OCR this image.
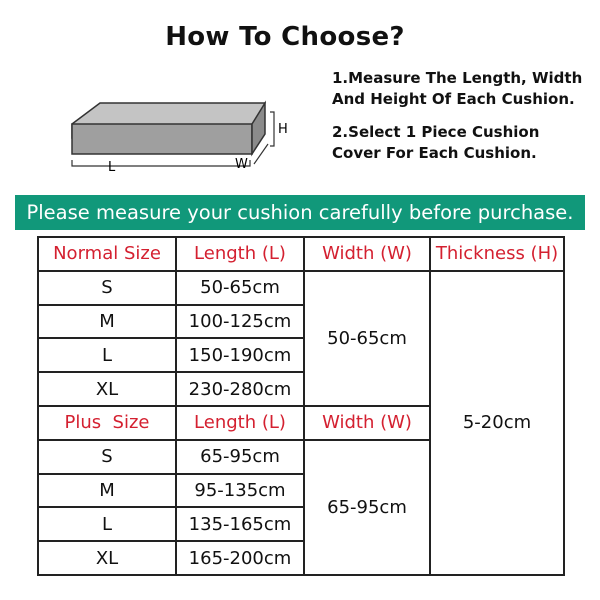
How To Choose?
H
L	W
1.Measure The Length, Width And Height Of Each Cushion.
2.Select 1 Piece Cushion Cover For Each Cushion.
Please measure your cushion carefully before purchase.
Normal Size	Length (L)	Width (W)	Thickness (H)
S	50-65cm	50-65cm	5-20cm
M	100-125cm		
L	150-190cm		
XL	230-280cm		
Plus  Size	Length (L)	Width (W)	
S	65-95cm	65-95cm	
M	95-135cm		
L	135-165cm		
XL	165-200cm		
